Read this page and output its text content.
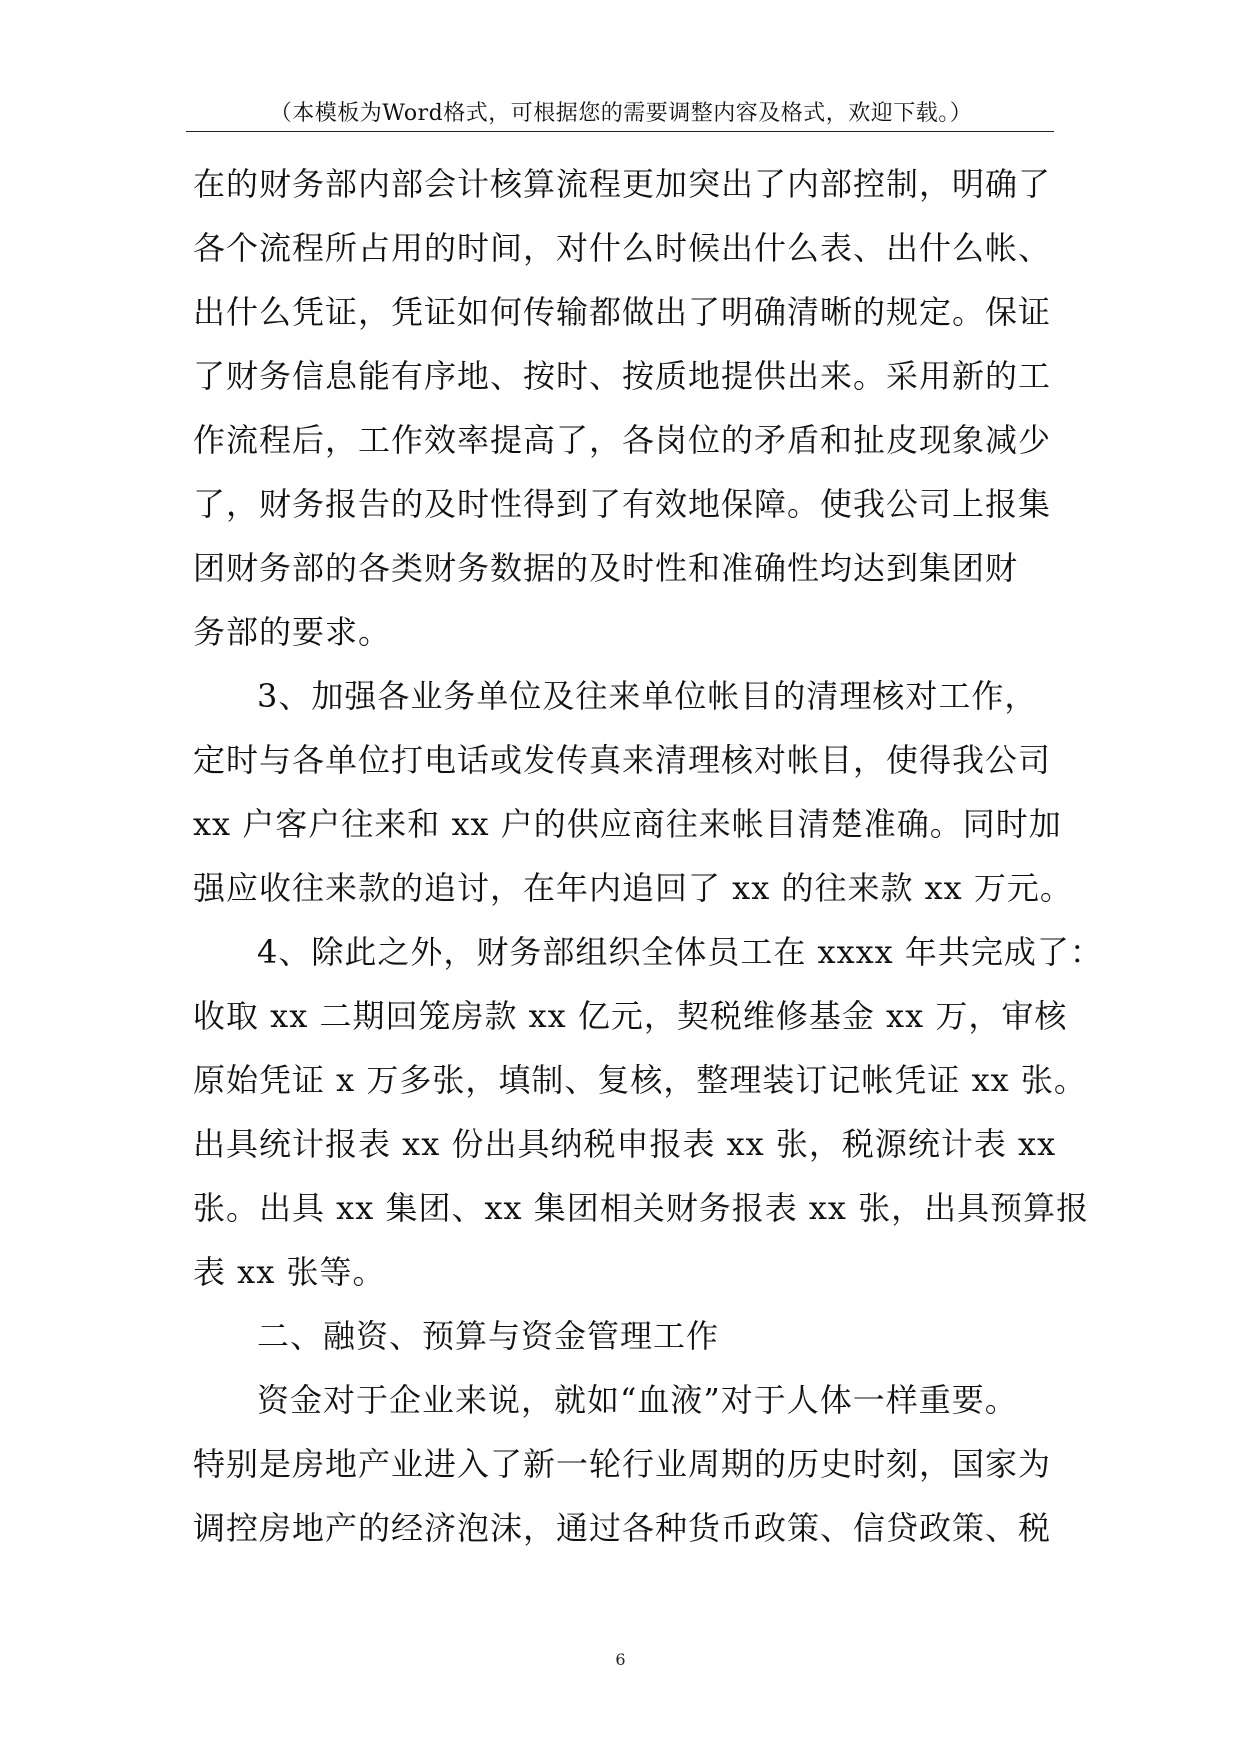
（本模板为Word格式，可根据您的需要调整内容及格式，欢迎下载。）
在的财务部内部会计核算流程更加突出了内部控制，明确了
各个流程所占用的时间，对什么时候出什么表、出什么帐、
出什么凭证，凭证如何传输都做出了明确清晰的规定。保证
了财务信息能有序地、按时、按质地提供出来。采用新的工
作流程后，工作效率提高了，各岗位的矛盾和扯皮现象减少
了，财务报告的及时性得到了有效地保障。使我公司上报集
团财务部的各类财务数据的及时性和准确性均达到集团财
务部的要求。
3、加强各业务单位及往来单位帐目的清理核对工作，
定时与各单位打电话或发传真来清理核对帐目，使得我公司
xx 户客户往来和 xx 户的供应商往来帐目清楚准确。同时加
强应收往来款的追讨，在年内追回了 xx 的往来款 xx 万元。
4、除此之外，财务部组织全体员工在 xxxx 年共完成了：
收取 xx 二期回笼房款 xx 亿元，契税维修基金 xx 万，审核
原始凭证 x 万多张，填制、复核，整理装订记帐凭证 xx 张。
出具统计报表 xx 份出具纳税申报表 xx 张，税源统计表 xx
张。出具 xx 集团、xx 集团相关财务报表 xx 张，出具预算报
表 xx 张等。
二、融资、预算与资金管理工作
资金对于企业来说，就如“血液”对于人体一样重要。
特别是房地产业进入了新一轮行业周期的历史时刻，国家为
调控房地产的经济泡沫，通过各种货币政策、信贷政策、税
6
